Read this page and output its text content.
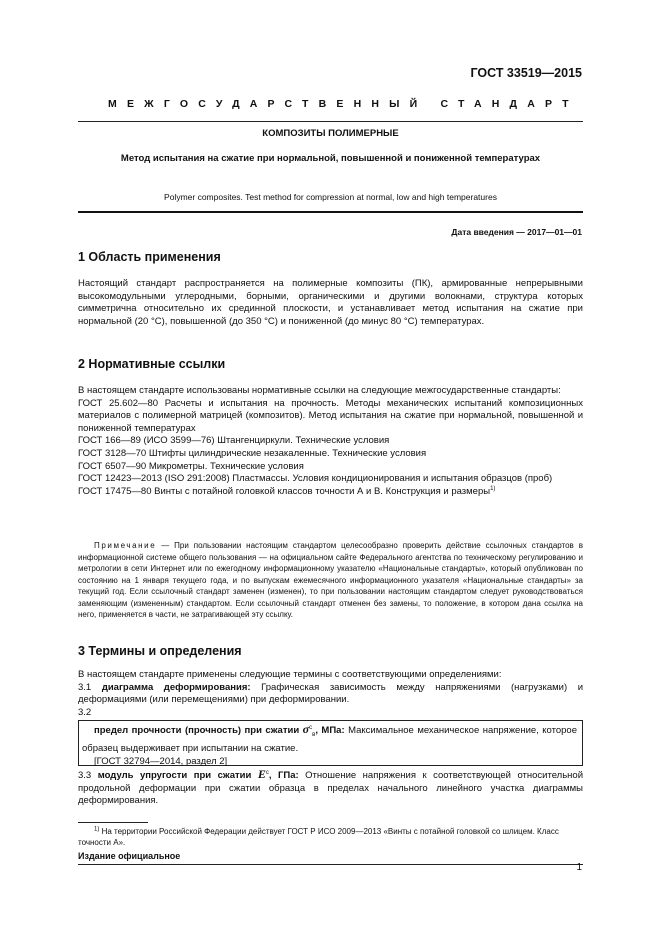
ГОСТ 33519—2015
МЕЖГОСУДАРСТВЕННЫЙ СТАНДАРТ
КОМПОЗИТЫ ПОЛИМЕРНЫЕ
Метод испытания на сжатие при нормальной, повышенной и пониженной температурах
Polymer composites. Test method for compression at normal, low and high temperatures
Дата введения — 2017—01—01
1 Область применения

Настоящий стандарт распространяется на полимерные композиты (ПК), армированные непрерывными высокомодульными углеродными, борными, органическими и другими волокнами, структура которых симметрична относительно их срединной плоскости, и устанавливает метод испытания на сжатие при нормальной (20 °C), повышенной (до 350 °C) и пониженной (до минус 80 °C) температурах.

2 Нормативные ссылки

В настоящем стандарте использованы нормативные ссылки на следующие межгосударственные стандарты:

ГОСТ 25.602—80 Расчеты и испытания на прочность. Методы механических испытаний композиционных материалов с полимерной матрицей (композитов). Метод испытания на сжатие при нормальной, повышенной и пониженной температурах

ГОСТ 166—89 (ИСО 3599—76) Штангенциркули. Технические условия

ГОСТ 3128—70 Штифты цилиндрические незакаленные. Технические условия

ГОСТ 6507—90 Микрометры. Технические условия

ГОСТ 12423—2013 (ISO 291:2008) Пластмассы. Условия кондиционирования и испытания образцов (проб)

ГОСТ 17475—80 Винты с потайной головкой классов точности А и В. Конструкция и размеры$^{1)}$

Примечание — При пользовании настоящим стандартом целесообразно проверить действие ссылочных стандартов в информационной системе общего пользования — на официальном сайте Федерального агентства по техническому регулированию и метрологии в сети Интернет или по ежегодному информационному указателю «Национальные стандарты», который опубликован по состоянию на 1 января текущего года, и по выпускам ежемесячного информационного указателя «Национальные стандарты» за текущий год. Если ссылочный стандарт заменен (изменен), то при пользовании настоящим стандартом следует руководствоваться заменяющим (измененным) стандартом. Если ссылочный стандарт отменен без замены, то положение, в котором дана ссылка на него, применяется в части, не затрагивающей эту ссылку.
3 Термины и определения

В настоящем стандарте применены следующие термины с соответствующими определениями:

3.1 диаграмма деформирования: Графическая зависимость между напряжениями (нагрузками) и деформациями (или перемещениями) при деформировании.

3.2

предел прочности (прочность) при сжатии $\sigma^c_в$, МПа: Максимальное механическое напряжение, которое образец выдерживает при испытании на сжатие.
[ГОСТ 32794—2014, раздел 2]

3.3 модуль упругости при сжатии $E^c$, ГПа: Отношение напряжения к соответствующей относительной продольной деформации при сжатии образца в пределах начального линейного участка диаграммы деформирования.

$^{1)}$ На территории Российской Федерации действует ГОСТ Р ИСО 2009—2013 «Винты с потайной головкой со шлицем. Класс точности А».
Издание официальное
1
